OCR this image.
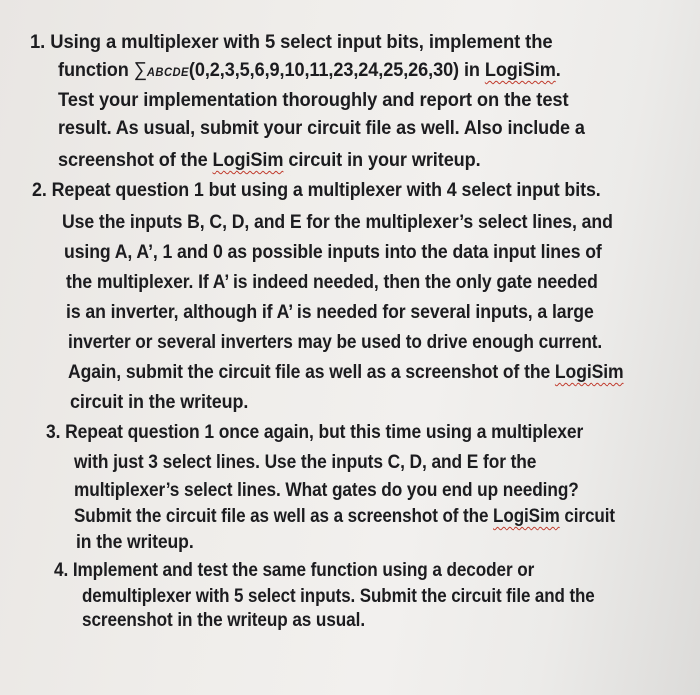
1. Using a multiplexer with 5 select input bits, implement the
function ∑ABCDE(0,2,3,5,6,9,10,11,23,24,25,26,30) in LogiSim.
Test your implementation thoroughly and report on the test
result. As usual, submit your circuit file as well. Also include a
screenshot of the LogiSim circuit in your writeup.
2. Repeat question 1 but using a multiplexer with 4 select input bits.
Use the inputs B, C, D, and E for the multiplexer’s select lines, and
using A, A’, 1 and 0 as possible inputs into the data input lines of
the multiplexer. If A’ is indeed needed, then the only gate needed
is an inverter, although if A’ is needed for several inputs, a large
inverter or several inverters may be used to drive enough current.
Again, submit the circuit file as well as a screenshot of the LogiSim
circuit in the writeup.
3. Repeat question 1 once again, but this time using a multiplexer
with just 3 select lines. Use the inputs C, D, and E for the
multiplexer’s select lines. What gates do you end up needing?
Submit the circuit file as well as a screenshot of the LogiSim circuit
in the writeup.
4. Implement and test the same function using a decoder or
demultiplexer with 5 select inputs. Submit the circuit file and the
screenshot in the writeup as usual.
